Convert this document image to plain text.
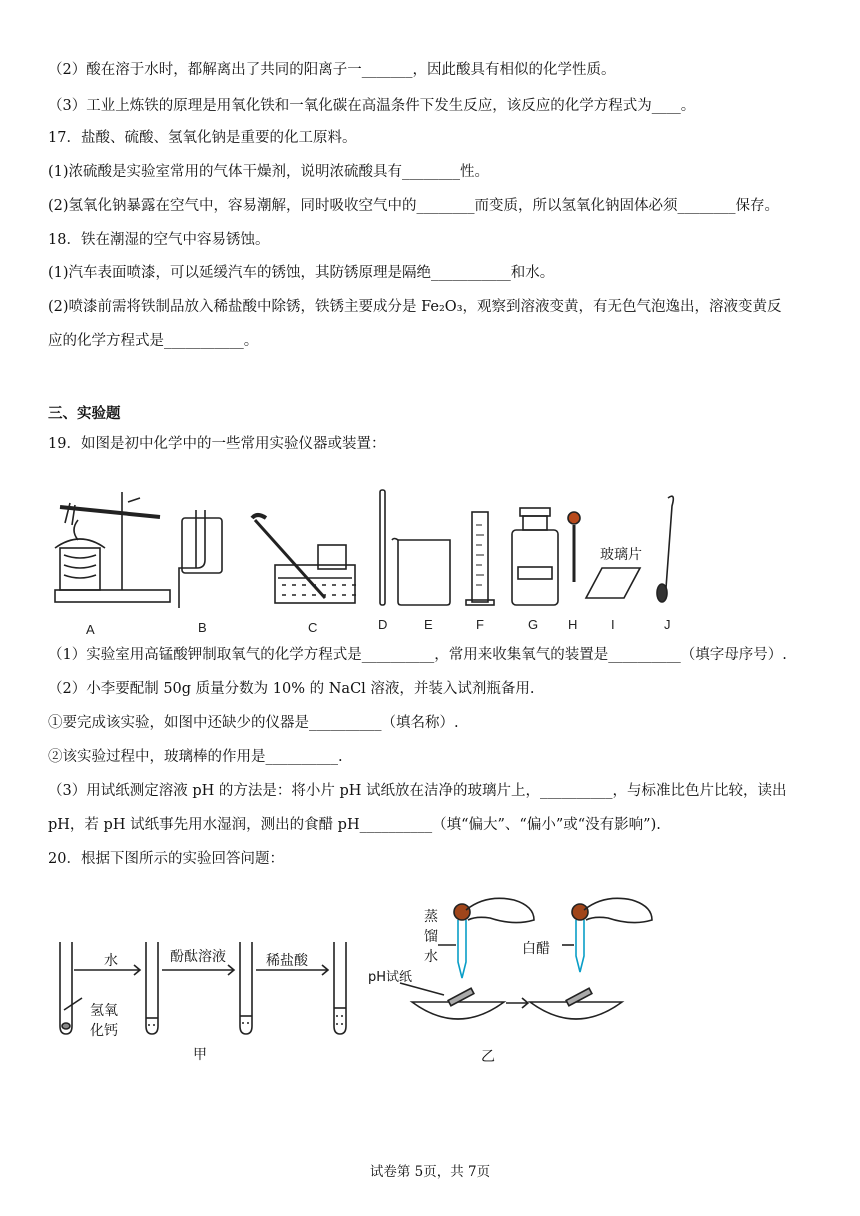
（2）酸在溶于水时，都解离出了共同的阳离子一_______，因此酸具有相似的化学性质。
（3）工业上炼铁的原理是用氧化铁和一氧化碳在高温条件下发生反应，该反应的化学方程式为____。
17．盐酸、硫酸、氢氧化钠是重要的化工原料。
(1)浓硫酸是实验室常用的气体干燥剂，说明浓硫酸具有________性。
(2)氢氧化钠暴露在空气中，容易潮解，同时吸收空气中的________而变质，所以氢氧化钠固体必须________保存。
18．铁在潮湿的空气中容易锈蚀。
(1)汽车表面喷漆，可以延缓汽车的锈蚀，其防锈原理是隔绝___________和水。
(2)喷漆前需将铁制品放入稀盐酸中除锈，铁锈主要成分是 Fe₂O₃，观察到溶液变黄，有无色气泡逸出，溶液变黄反
应的化学方程式是___________。
三、实验题
19．如图是初中化学中的一些常用实验仪器或装置：
玻璃片
A	B	C	D	E	F	G H	I	J
（1）实验室用高锰酸钾制取氧气的化学方程式是__________，常用来收集氧气的装置是__________（填字母序号）.
（2）小李要配制 50g 质量分数为 10% 的 NaCl 溶液，并装入试剂瓶备用.
①要完成该实验，如图中还缺少的仪器是__________（填名称）.
②该实验过程中，玻璃棒的作用是__________.
（3）用试纸测定溶液 pH 的方法是：将小片 pH 试纸放在洁净的玻璃片上，__________，与标准比色片比较，读出
pH，若 pH 试纸事先用水湿润，测出的食醋 pH__________（填“偏大”、“偏小”或“没有影响”).
20．根据下图所示的实验回答问题：
水	酚酞溶液	稀盐酸
氢氧
化钙
甲
蒸
馏
水
pH试纸
白醋
乙
试卷第 5页，共 7页
